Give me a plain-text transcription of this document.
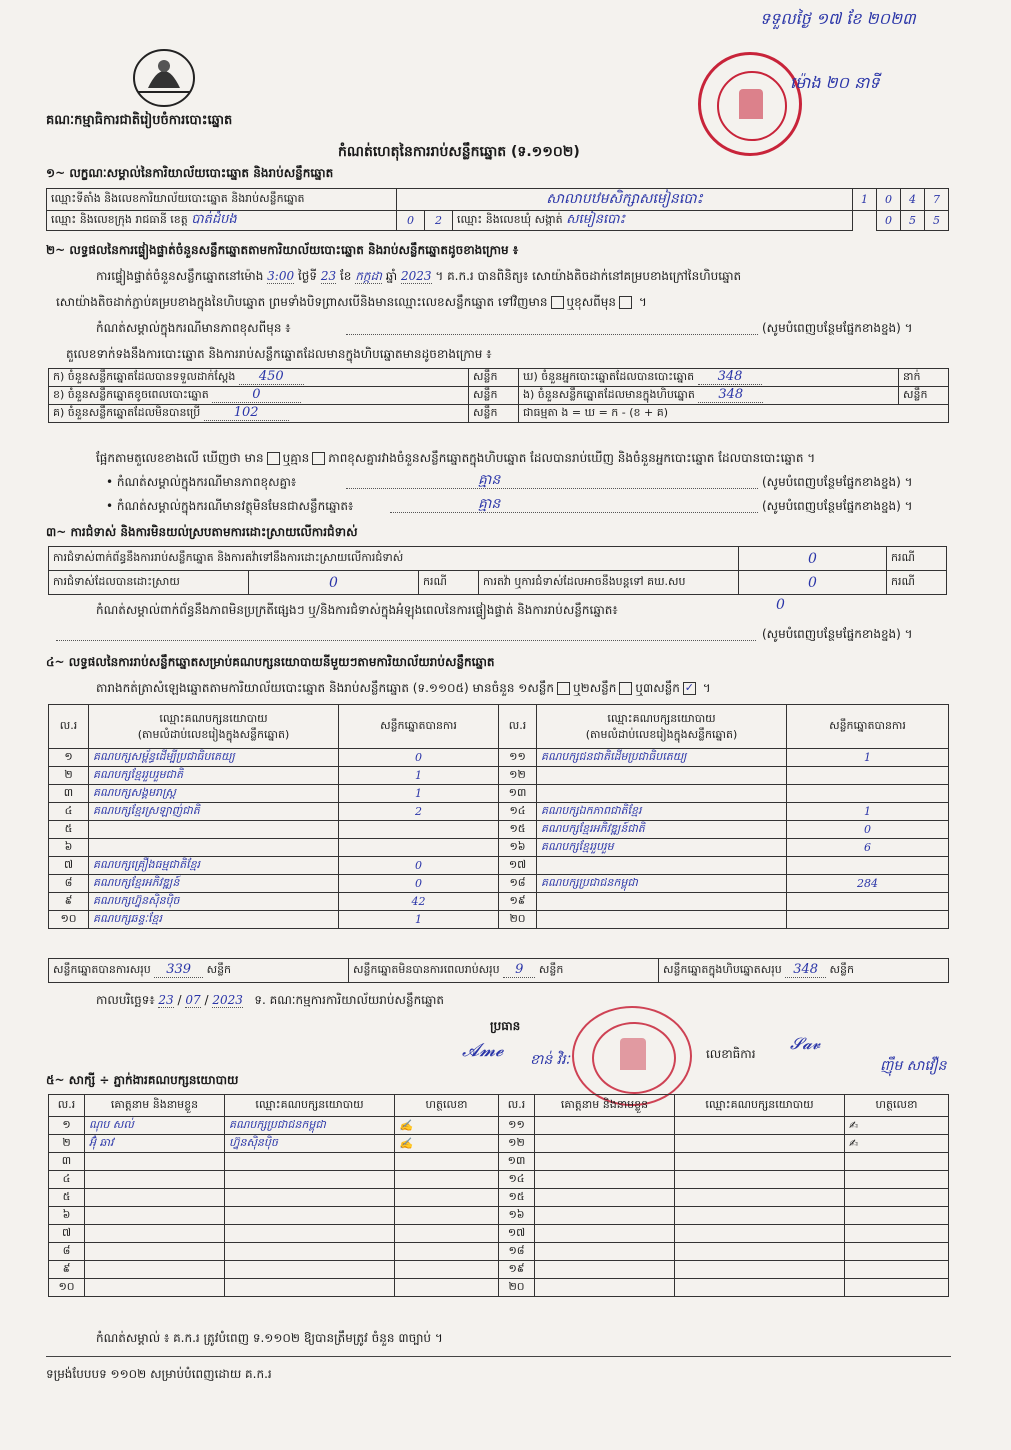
គណៈកម្មាធិការជាតិរៀបចំការបោះឆ្នោត
កំណត់ហេតុនៃការរាប់សន្លឹកឆ្នោត (ទ.១១០២)
ទទួលថ្ងៃ ១៧ ខែ ២០២៣
ម៉ោង ២០ នាទី
១~ លក្ខណៈសម្គាល់នៃការិយាល័យបោះឆ្នោត និងរាប់សន្លឹកឆ្នោត
ឈ្មោះទីតាំង និងលេខការិយាល័យបោះឆ្នោត និងរាប់សន្លឹកឆ្នោត	សាលាបឋមសិក្សាសមៀនបោះ			1	0	4	7
ឈ្មោះ និងលេខក្រុង រាជធានី ខេត្ត បាត់ដំបង	0	2	ឈ្មោះ និងលេខឃុំ សង្កាត់ សមៀនបោះ		0	5	5
២~ លទ្ធផលនៃការផ្ទៀងផ្ទាត់ចំនួនសន្លឹកឆ្នោតតាមការិយាល័យបោះឆ្នោត និងរាប់សន្លឹកឆ្នោតដូចខាងក្រោម ៖
ការផ្ទៀងផ្ទាត់ចំនួនសន្លឹកឆ្នោតនៅម៉ោង 3:00 ថ្ងៃទី 23 ខែ កក្កដា ឆ្នាំ 2023 ។ គ.ក.រ បានពិនិត្យ៖ សោយ៉ាងតិចដាក់នៅគម្របខាងក្រៅនៃហិបឆ្នោត
សោយ៉ាងតិចដាក់ភ្ជាប់គម្របខាងក្នុងនៃហិបឆ្នោត ព្រមទាំងបិទព្រាសបើនិងមានឈ្មោះលេខសន្លឹកឆ្នោត ទៅវិញមាន ឬខុសពីមុន ។
កំណត់សម្គាល់ក្នុងករណីមានភាពខុសពីមុន ៖	(សូមបំពេញបន្ថែមផ្នែកខាងខ្នង) ។
តួលេខទាក់ទងនឹងការបោះឆ្នោត និងការរាប់សន្លឹកឆ្នោតដែលមានក្នុងហិបឆ្នោតមានដូចខាងក្រោម ៖
ក) ចំនួនសន្លឹកឆ្នោតដែលបានទទួលដាក់ស្តែង 450	សន្លឹក	ឃ) ចំនួនអ្នកបោះឆ្នោតដែលបានបោះឆ្នោត 348	នាក់
ខ) ចំនួនសន្លឹកឆ្នោតខូចពេលបោះឆ្នោត 0	សន្លឹក	ង) ចំនួនសន្លឹកឆ្នោតដែលមានក្នុងហិបឆ្នោត 348	សន្លឹក
គ) ចំនួនសន្លឹកឆ្នោតដែលមិនបានប្រើ 102	សន្លឹក	ជាធម្មតា ង = ឃ = ក - (ខ + គ)	
ផ្អែកតាមតួលេខខាងលើ ឃើញថា មាន ឬគ្មាន ភាពខុសគ្នារវាងចំនួនសន្លឹកឆ្នោតក្នុងហិបឆ្នោត ដែលបានរាប់ឃើញ និងចំនួនអ្នកបោះឆ្នោត ដែលបានបោះឆ្នោត ។
• កំណត់សម្គាល់ក្នុងករណីមានភាពខុសគ្នា៖	គ្មាន	(សូមបំពេញបន្ថែមផ្នែកខាងខ្នង) ។
• កំណត់សម្គាល់ក្នុងករណីមានវត្ថុមិនមែនជាសន្លឹកឆ្នោត៖	គ្មាន	(សូមបំពេញបន្ថែមផ្នែកខាងខ្នង) ។
៣~ ការជំទាស់ និងការមិនយល់ស្របតាមការដោះស្រាយលើការជំទាស់
ការជំទាស់ពាក់ព័ន្ធនឹងការរាប់សន្លឹកឆ្នោត និងការតវ៉ាទៅនឹងការដោះស្រាយលើការជំទាស់				0	ករណី
ការជំទាស់ដែលបានដោះស្រាយ	0	ករណី	ការតវ៉ា ឬការជំទាស់ដែលអាចនឹងបន្តទៅ គឃ.សប	0	ករណី
កំណត់សម្គាល់ពាក់ព័ន្ធនឹងភាពមិនប្រក្រតីផ្សេងៗ ឬ/និងការជំទាស់ក្នុងអំឡុងពេលនៃការផ្ទៀងផ្ទាត់ និងការរាប់សន្លឹកឆ្នោត៖	0
(សូមបំពេញបន្ថែមផ្នែកខាងខ្នង) ។
៤~ លទ្ធផលនៃការរាប់សន្លឹកឆ្នោតសម្រាប់គណបក្សនយោបាយនីមួយៗតាមការិយាល័យរាប់សន្លឹកឆ្នោត
តារាងកត់ត្រាសំឡេងឆ្នោតតាមការិយាល័យបោះឆ្នោត និងរាប់សន្លឹកឆ្នោត (ទ.១១០៥) មានចំនួន ១សន្លឹក ឬ២សន្លឹក ឬ៣សន្លឹក ✓ ។
ល.រ	ឈ្មោះគណបក្សនយោបាយ
(តាមលំដាប់លេខរៀងក្នុងសន្លឹកឆ្នោត)	សន្លឹកឆ្នោតបានការ	ល.រ	ឈ្មោះគណបក្សនយោបាយ
(តាមលំដាប់លេខរៀងក្នុងសន្លឹកឆ្នោត)	សន្លឹកឆ្នោតបានការ
១	គណបក្សសម្ព័ន្ធដើម្បីប្រជាធិបតេយ្យ	0	១១	គណបក្សជនជាតិដើមប្រជាធិបតេយ្យ	1
២	គណបក្សខ្មែររួបរួមជាតិ	1	១២		
៣	គណបក្សសង្គមរាស្ត្រ	1	១៣		
៤	គណបក្សខ្មែរស្រឡាញ់ជាតិ	2	១៤	គណបក្សឯកភាពជាតិខ្មែរ	1
៥			១៥	គណបក្សខ្មែរអភិវឌ្ឍន៍ជាតិ	0
៦			១៦	គណបក្សខ្មែររួបរួម	6
៧	គណបក្សគ្រឿងធម្មជាតិខ្មែរ	0	១៧		
៨	គណបក្សខ្មែរអភិវឌ្ឍន៍	0	១៨	គណបក្សប្រជាជនកម្ពុជា	284
៩	គណបក្សហ្វ៊ុនស៊ិនប៉ិច	42	១៩		
១០	គណបក្សឆន្ទៈខ្មែរ	1	២០		
សន្លឹកឆ្នោតបានការសរុប 339 សន្លឹក	សន្លឹកឆ្នោតមិនបានការពេលរាប់សរុប 9 សន្លឹក	សន្លឹកឆ្នោតក្នុងហិបឆ្នោតសរុប 348 សន្លឹក
កាលបរិច្ឆេទ៖ 23 / 07 / 2023 ទ. គណៈកម្មការការិយាល័យរាប់សន្លឹកឆ្នោត
ប្រធាន
𝓐𝓶𝓮 ខាន់ វិរៈ	លេខាធិការ
𝓢𝓪𝓿
ញ៉ឹម សាវឿន
៥~ សាក្សី ÷ ភ្នាក់ងារគណបក្សនយោបាយ
ល.រ	គោត្តនាម និងនាមខ្លួន	ឈ្មោះគណបក្សនយោបាយ	ហត្ថលេខា	ល.រ	គោត្តនាម និងនាមខ្លួន	ឈ្មោះគណបក្សនយោបាយ	ហត្ថលេខា
១	ណុប សល់	គណបក្សប្រជាជនកម្ពុជា	✍	១១			✍
២	អ៊ុំ ឆាវ	ហ្វ៊ុនស៊ិនប៉ិច	✍	១២			✍
៣				១៣			
៤				១៤			
៥				១៥			
៦				១៦			
៧				១៧			
៨				១៨			
៩				១៩			
១០				២០			
កំណត់សម្គាល់ ៖ គ.ក.រ ត្រូវបំពេញ ទ.១១០២ ឱ្យបានត្រឹមត្រូវ ចំនួន ៣ច្បាប់ ។
ទម្រង់បែបបទ ១១០២ សម្រាប់បំពេញដោយ គ.ក.រ
